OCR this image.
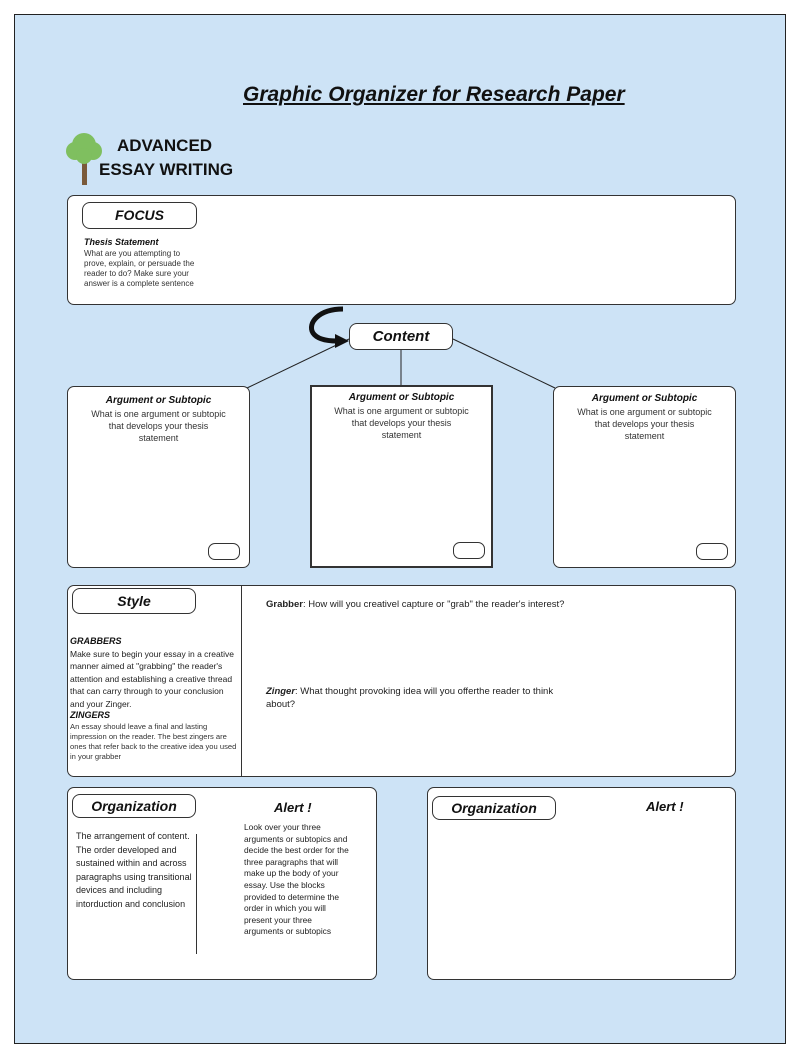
Graphic Organizer for Research Paper
ADVANCED
ESSAY WRITING
FOCUS
Thesis Statement
What are you attempting to prove, explain, or persuade the reader to do? Make sure your answer is a complete sentence
Content
Argument or Subtopic
What is one argument or subtopic that develops your thesis statement
Argument or Subtopic
What is one argument or subtopic that develops your thesis statement
Argument or Subtopic
What is one argument or subtopic that develops your thesis statement
Style
GRABBERS
Make sure to begin your essay in a creative manner aimed at "grabbing" the reader's attention and establishing a creative thread that can carry through to your conclusion and your Zinger.
ZINGERS
An essay should leave a final and lasting impression on the reader. The best zingers are ones that refer back to the creative idea you used in your grabber
Grabber: How will you creativel capture or "grab" the reader's interest?
Zinger: What thought provoking idea will you offerthe reader to think about?
Organization	Alert !
The arrangement of content. The order developed and sustained within and across paragraphs using transitional devices and including intorduction and conclusion
Look over your three arguments or subtopics and decide the best order for the three paragraphs that will make up the body of your essay. Use the blocks provided to determine the order in which you will present your three arguments or subtopics
Organization	Alert !
